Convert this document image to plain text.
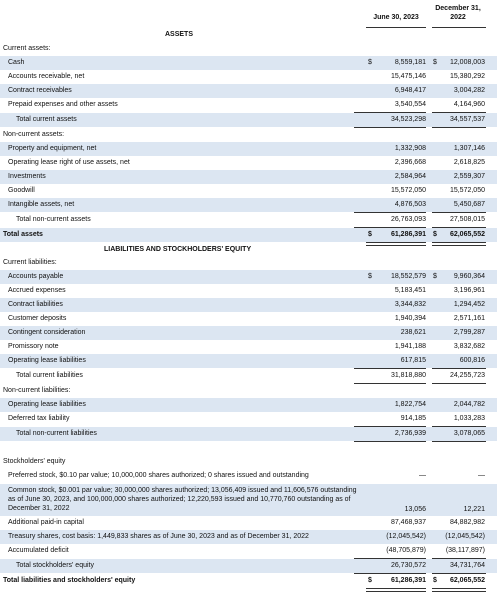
June 30, 2023
December 31,
2022
ASSETS
Current assets:
Cash	$	8,559,181 $	12,008,003
Accounts receivable, net	15,475,146	15,380,292
Contract receivables	6,948,417	3,004,282
Prepaid expenses and other assets	3,540,554	4,164,960
Total current assets	34,523,298	34,557,537
Non-current assets:
Property and equipment, net	1,332,908	1,307,146
Operating lease right of use assets, net	2,396,668	2,618,825
Investments	2,584,964	2,559,307
Goodwill	15,572,050	15,572,050
Intangible assets, net	4,876,503	5,450,687
Total non-current assets	26,763,093	27,508,015
Total assets	$	61,286,391 $	62,065,552
LIABILITIES AND STOCKHOLDERS' EQUITY
Current liabilities:
Accounts payable	$	18,552,579 $	9,960,364
Accrued expenses	5,183,451	3,196,961
Contract liabilities	3,344,832	1,294,452
Customer deposits	1,940,394	2,571,161
Contingent consideration	238,621	2,799,287
Promissory note	1,941,188	3,832,682
Operating lease liabilities	617,815	600,816
Total current liabilities	31,818,880	24,255,723
Non-current liabilities:
Operating lease liabilities	1,822,754	2,044,782
Deferred tax liability	914,185	1,033,283
Total non-current liabilities	2,736,939	3,078,065
Stockholders' equity
Preferred stock, $0.10 par value; 10,000,000 shares authorized; 0 shares issued and outstanding	—	—
Common stock, $0.001 par value; 30,000,000 shares authorized; 13,056,409 issued and 11,606,576 outstanding as of June 30, 2023, and 100,000,000 shares authorized; 12,220,593 issued and 10,770,760 outstanding as of December 31, 2022	13,056	12,221
Additional paid-in capital	87,468,937	84,882,982
Treasury shares, cost basis: 1,449,833 shares as of June 30, 2023 and as of December 31, 2022	(12,045,542)	(12,045,542)
Accumulated deficit	(48,705,879)	(38,117,897)
Total stockholders' equity	26,730,572	34,731,764
Total liabilities and stockholders' equity	$	61,286,391 $	62,065,552
